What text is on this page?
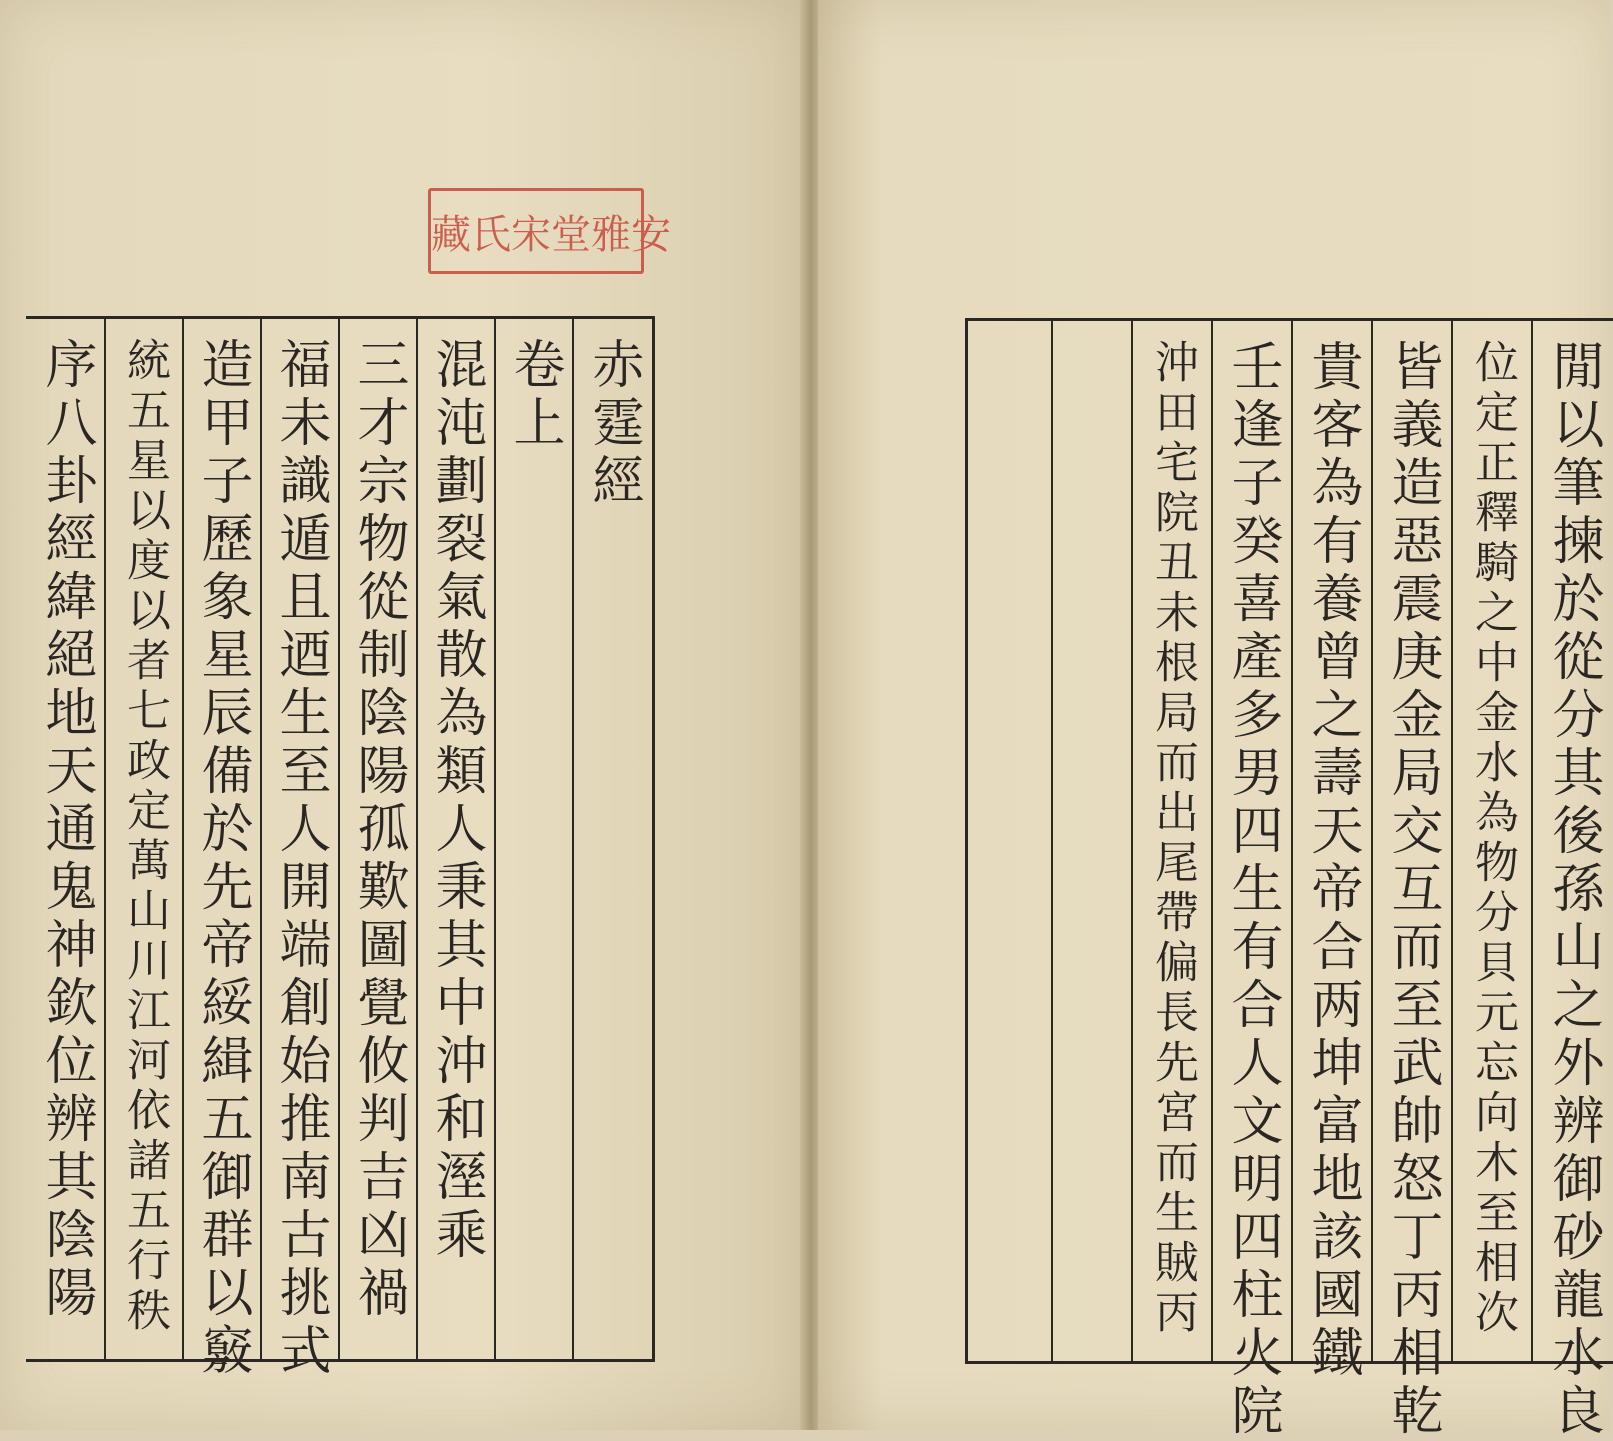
安
雅
堂
宋
氏
藏
赤霆經
卷上
混沌劃裂氣散為類人秉其中沖和溼乘
三才宗物從制陰陽孤歎圖覺攸判吉凶禍
福未識遁且迺生至人開端創始推南古挑式
造甲子歷象星辰備於先帝綏緝五御群以竅
統五星以度以者七政定萬山川江河依諸五行秩
序八卦經緯絕地天通鬼神欽位辨其陰陽	閒以筆揀於從分其後孫山之外辨御砂龍水良
位定正釋騎之中金水為物分貝元忘向木至相次
皆義造惡震庚金局交互而至武帥怒丁丙相乾
貴客為有養曾之壽天帝合两坤富地該國鐵
壬逢子癸喜產多男四生有合人文明四柱火院
沖田宅院丑未根局而出尾帶偏長先宮而生賊丙
